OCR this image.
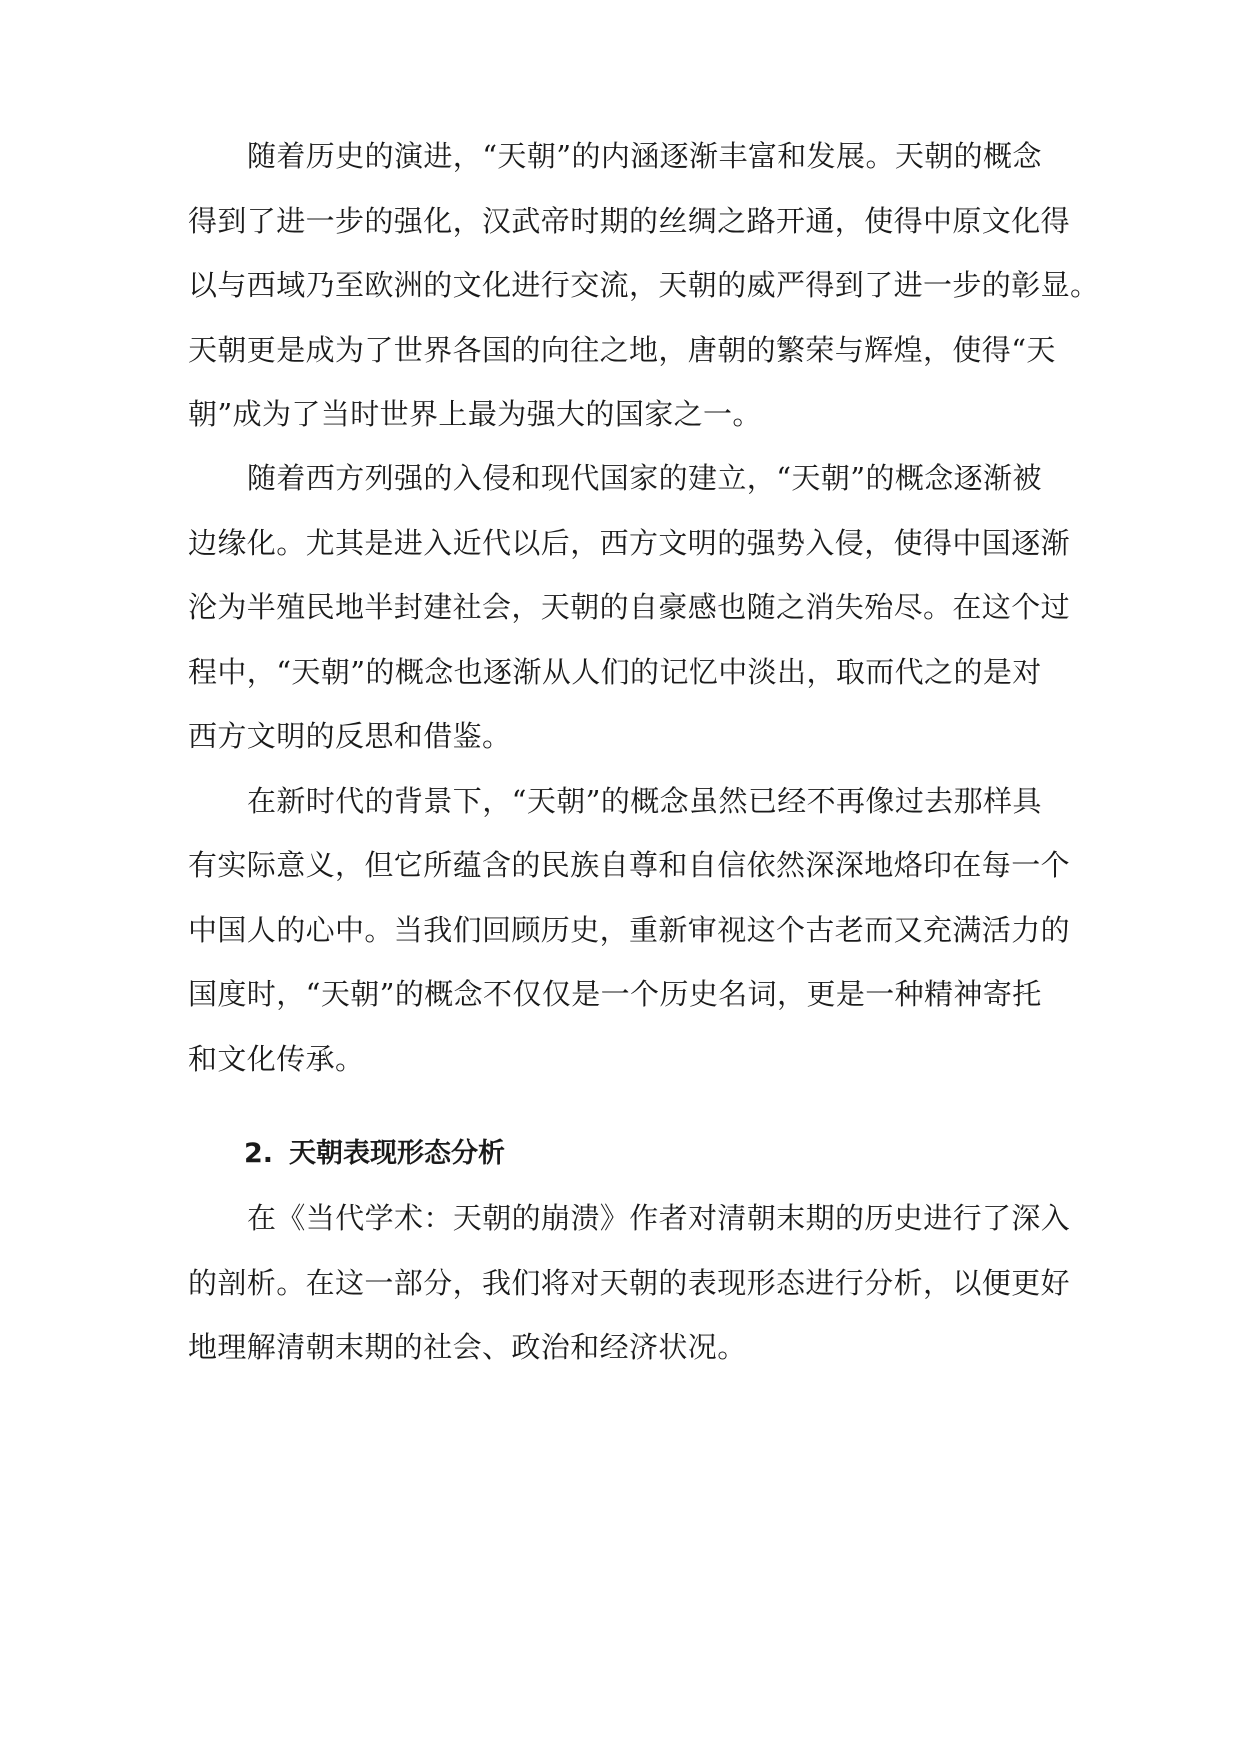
随着历史的演进，“天朝”的内涵逐渐丰富和发展。天朝的概念
得到了进一步的强化，汉武帝时期的丝绸之路开通，使得中原文化得
以与西域乃至欧洲的文化进行交流，天朝的威严得到了进一步的彰显。
天朝更是成为了世界各国的向往之地，唐朝的繁荣与辉煌，使得“天
朝”成为了当时世界上最为强大的国家之一。
随着西方列强的入侵和现代国家的建立，“天朝”的概念逐渐被
边缘化。尤其是进入近代以后，西方文明的强势入侵，使得中国逐渐
沦为半殖民地半封建社会，天朝的自豪感也随之消失殆尽。在这个过
程中，“天朝”的概念也逐渐从人们的记忆中淡出，取而代之的是对
西方文明的反思和借鉴。
在新时代的背景下，“天朝”的概念虽然已经不再像过去那样具
有实际意义，但它所蕴含的民族自尊和自信依然深深地烙印在每一个
中国人的心中。当我们回顾历史，重新审视这个古老而又充满活力的
国度时，“天朝”的概念不仅仅是一个历史名词，更是一种精神寄托
和文化传承。
2. 天朝表现形态分析
在《当代学术：天朝的崩溃》作者对清朝末期的历史进行了深入
的剖析。在这一部分，我们将对天朝的表现形态进行分析，以便更好
地理解清朝末期的社会、政治和经济状况。
